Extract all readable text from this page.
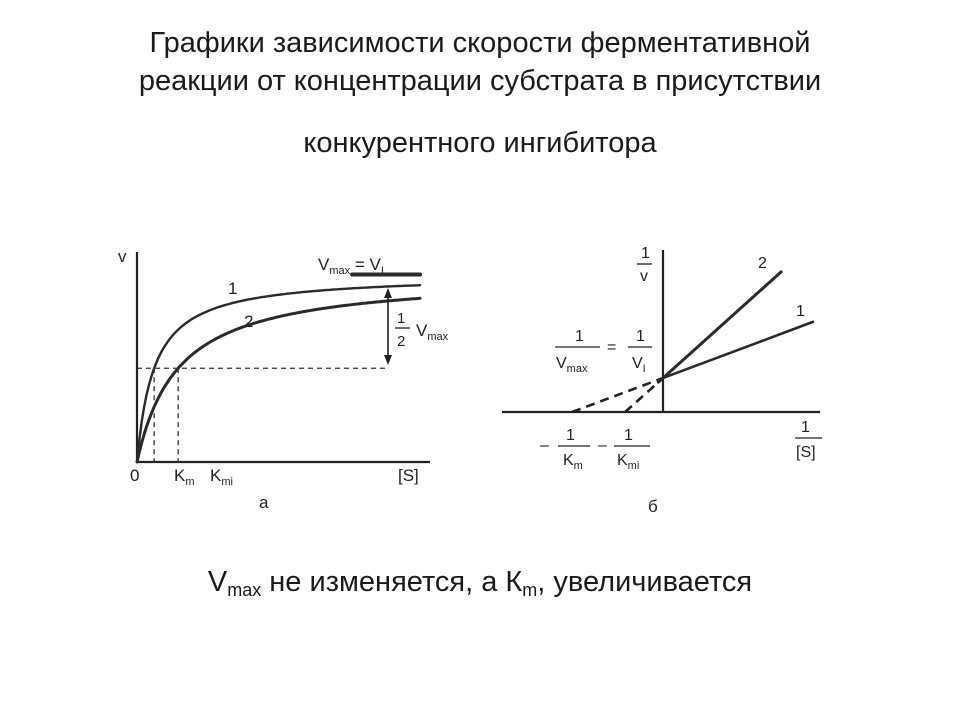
Графики зависимости скорости ферментативной
реакции от концентрации субстрата в присутствии
конкурентного ингибитора
v
0	[S]
1
2
$K_m$ $K_{mi}$
$V_{max} = V_I$
1
2
$V_{max}$
а
1
v
1
[S]
2
1
1
$V_{max}$
=
1
$V_I$
–
1
$K_m$
–
1
$K_{mi}$
б
$V_{max}$ не изменяется, а $К_m$, увеличивается
